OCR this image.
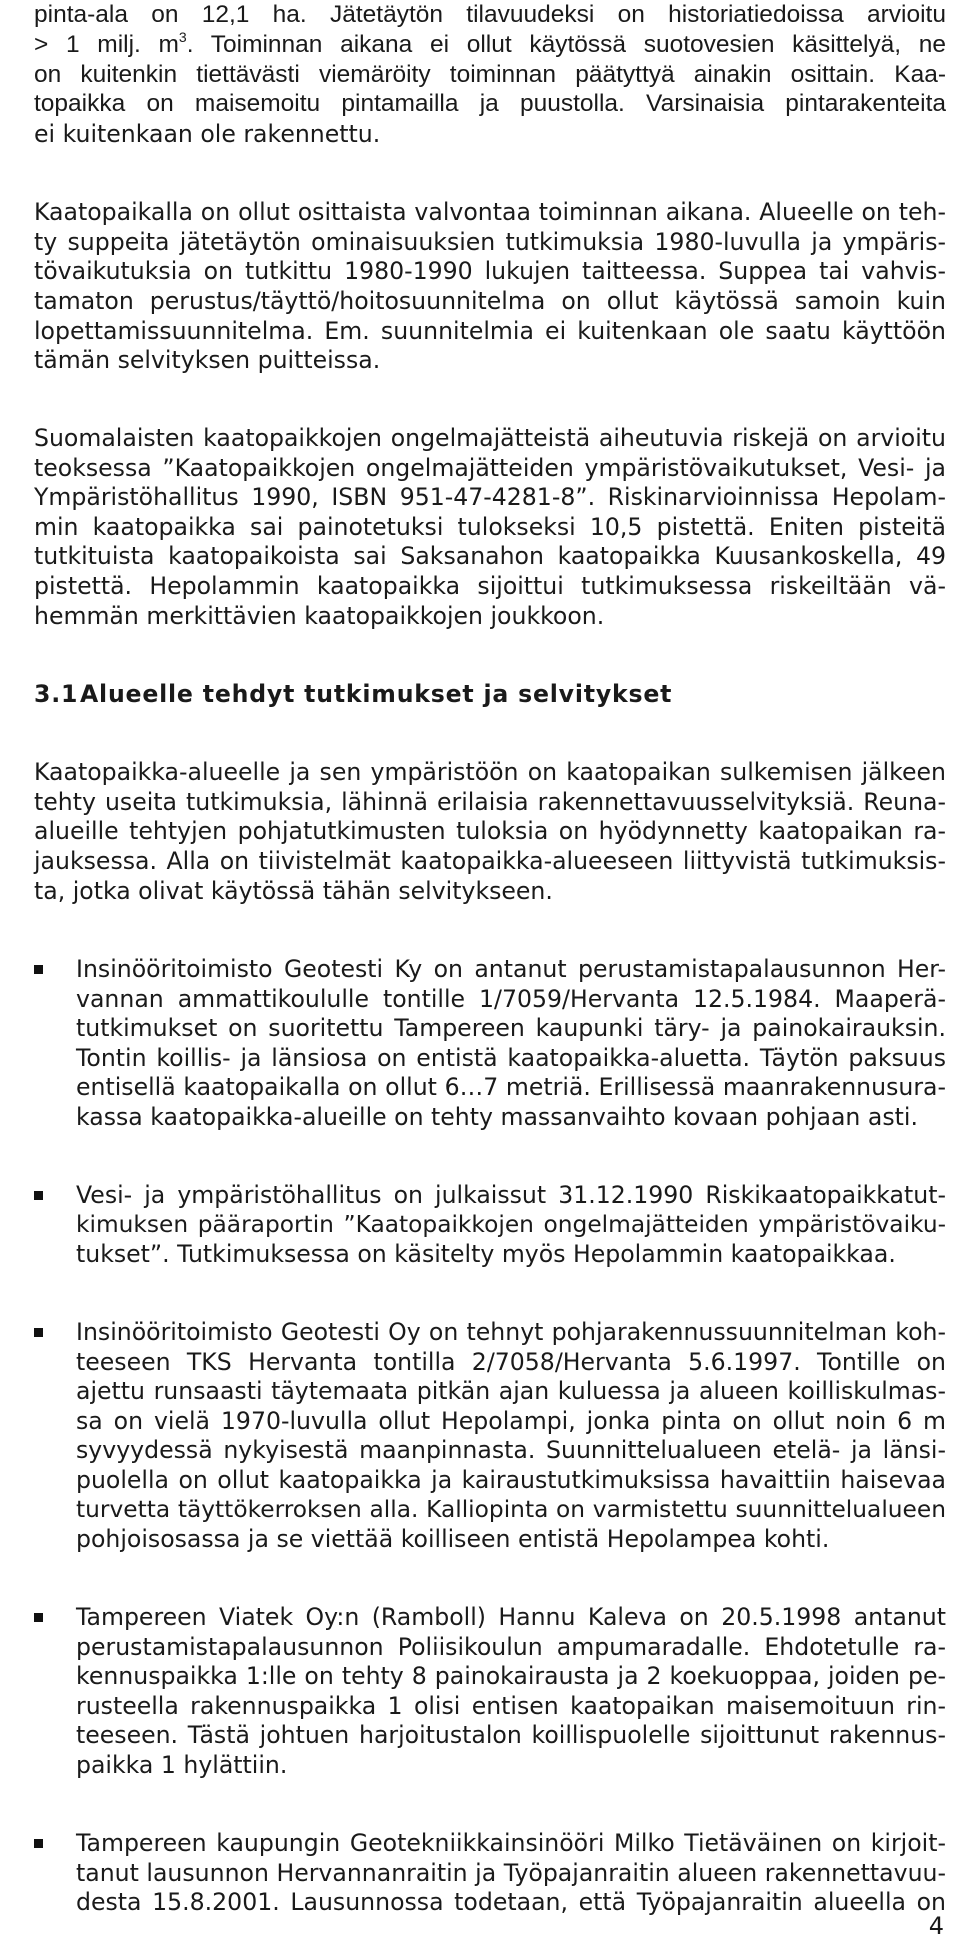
pinta-ala on 12,1 ha. Jätetäytön tilavuudeksi on historiatiedoissa arvioitu
> 1 milj. $m^3$. Toiminnan aikana ei ollut käytössä suotovesien käsittelyä, ne
on kuitenkin tiettävästi viemäröity toiminnan päätyttyä ainakin osittain. Kaa-
topaikka on maisemoitu pintamailla ja puustolla. Varsinaisia pintarakenteita
ei kuitenkaan ole rakennettu.
Kaatopaikalla on ollut osittaista valvontaa toiminnan aikana. Alueelle on teh-
ty suppeita jätetäytön ominaisuuksien tutkimuksia 1980-luvulla ja ympäris-
tövaikutuksia on tutkittu 1980-1990 lukujen taitteessa. Suppea tai vahvis-
tamaton perustus/täyttö/hoitosuunnitelma on ollut käytössä samoin kuin
lopettamissuunnitelma. Em. suunnitelmia ei kuitenkaan ole saatu käyttöön
tämän selvityksen puitteissa.
Suomalaisten kaatopaikkojen ongelmajätteistä aiheutuvia riskejä on arvioitu
teoksessa ”Kaatopaikkojen ongelmajätteiden ympäristövaikutukset, Vesi- ja
Ympäristöhallitus 1990, ISBN 951-47-4281-8”. Riskinarvioinnissa Hepolam-
min kaatopaikka sai painotetuksi tulokseksi 10,5 pistettä. Eniten pisteitä
tutkituista kaatopaikoista sai Saksanahon kaatopaikka Kuusankoskella, 49
pistettä. Hepolammin kaatopaikka sijoittui tutkimuksessa riskeiltään vä-
hemmän merkittävien kaatopaikkojen joukkoon.
3.1Alueelle tehdyt tutkimukset ja selvitykset
Kaatopaikka-alueelle ja sen ympäristöön on kaatopaikan sulkemisen jälkeen
tehty useita tutkimuksia, lähinnä erilaisia rakennettavuusselvityksiä. Reuna-
alueille tehtyjen pohjatutkimusten tuloksia on hyödynnetty kaatopaikan ra-
jauksessa. Alla on tiivistelmät kaatopaikka-alueeseen liittyvistä tutkimuksis-
ta, jotka olivat käytössä tähän selvitykseen.
Insinööritoimisto Geotesti Ky on antanut perustamistapalausunnon Her-
vannan ammattikoululle tontille 1/7059/Hervanta 12.5.1984. Maaperä-
tutkimukset on suoritettu Tampereen kaupunki täry- ja painokairauksin.
Tontin koillis- ja länsiosa on entistä kaatopaikka-aluetta. Täytön paksuus
entisellä kaatopaikalla on ollut 6…7 metriä. Erillisessä maanrakennusura-
kassa kaatopaikka-alueille on tehty massanvaihto kovaan pohjaan asti.
Vesi- ja ympäristöhallitus on julkaissut 31.12.1990 Riskikaatopaikkatut-
kimuksen pääraportin ”Kaatopaikkojen ongelmajätteiden ympäristövaiku-
tukset”. Tutkimuksessa on käsitelty myös Hepolammin kaatopaikkaa.
Insinööritoimisto Geotesti Oy on tehnyt pohjarakennussuunnitelman koh-
teeseen TKS Hervanta tontilla 2/7058/Hervanta 5.6.1997. Tontille on
ajettu runsaasti täytemaata pitkän ajan kuluessa ja alueen koilliskulmas-
sa on vielä 1970-luvulla ollut Hepolampi, jonka pinta on ollut noin 6 m
syvyydessä nykyisestä maanpinnasta. Suunnittelualueen etelä- ja länsi-
puolella on ollut kaatopaikka ja kairaustutkimuksissa havaittiin haisevaa
turvetta täyttökerroksen alla. Kalliopinta on varmistettu suunnittelualueen
pohjoisosassa ja se viettää koilliseen entistä Hepolampea kohti.
Tampereen Viatek Oy:n (Ramboll) Hannu Kaleva on 20.5.1998 antanut
perustamistapalausunnon Poliisikoulun ampumaradalle. Ehdotetulle ra-
kennuspaikka 1:lle on tehty 8 painokairausta ja 2 koekuoppaa, joiden pe-
rusteella rakennuspaikka 1 olisi entisen kaatopaikan maisemoituun rin-
teeseen. Tästä johtuen harjoitustalon koillispuolelle sijoittunut rakennus-
paikka 1 hylättiin.
Tampereen kaupungin Geotekniikkainsinööri Milko Tietäväinen on kirjoit-
tanut lausunnon Hervannanraitin ja Työpajanraitin alueen rakennettavuu-
desta 15.8.2001. Lausunnossa todetaan, että Työpajanraitin alueella on
4
